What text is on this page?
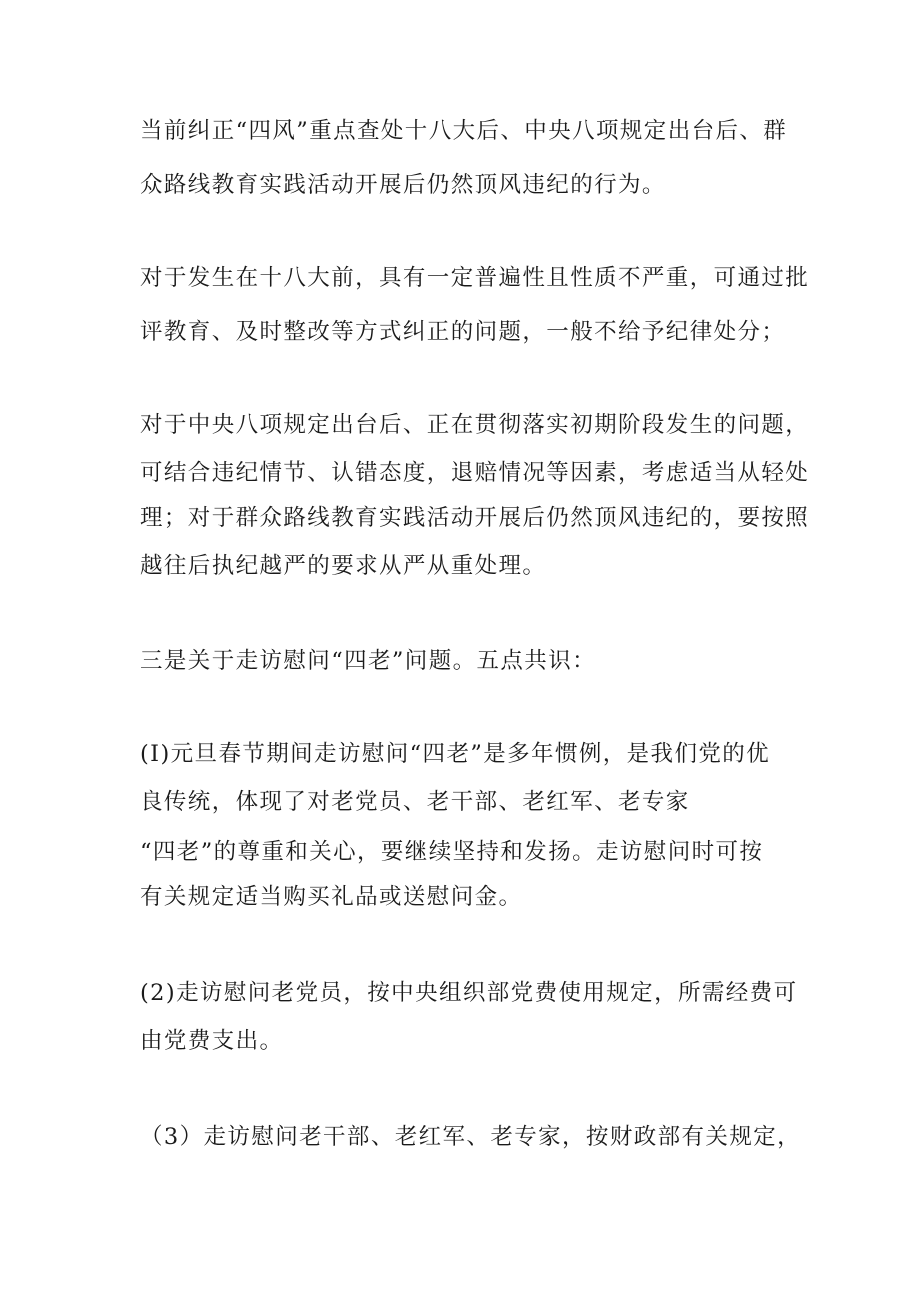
当前纠正“四风”重点查处十八大后、中央八项规定出台后、群
众路线教育实践活动开展后仍然顶风违纪的行为。
对于发生在十八大前，具有一定普遍性且性质不严重，可通过批
评教育、及时整改等方式纠正的问题，一般不给予纪律处分；
对于中央八项规定出台后、正在贯彻落实初期阶段发生的问题，
可结合违纪情节、认错态度，退赔情况等因素，考虑适当从轻处
理；对于群众路线教育实践活动开展后仍然顶风违纪的，要按照
越往后执纪越严的要求从严从重处理。
三是关于走访慰问“四老”问题。五点共识：
(I)元旦春节期间走访慰问“四老”是多年惯例，是我们党的优
良传统，体现了对老党员、老干部、老红军、老专家
“四老”的尊重和关心，要继续坚持和发扬。走访慰问时可按
有关规定适当购买礼品或送慰问金。
(2)走访慰问老党员，按中央组织部党费使用规定，所需经费可
由党费支出。
（3）走访慰问老干部、老红军、老专家，按财政部有关规定，
